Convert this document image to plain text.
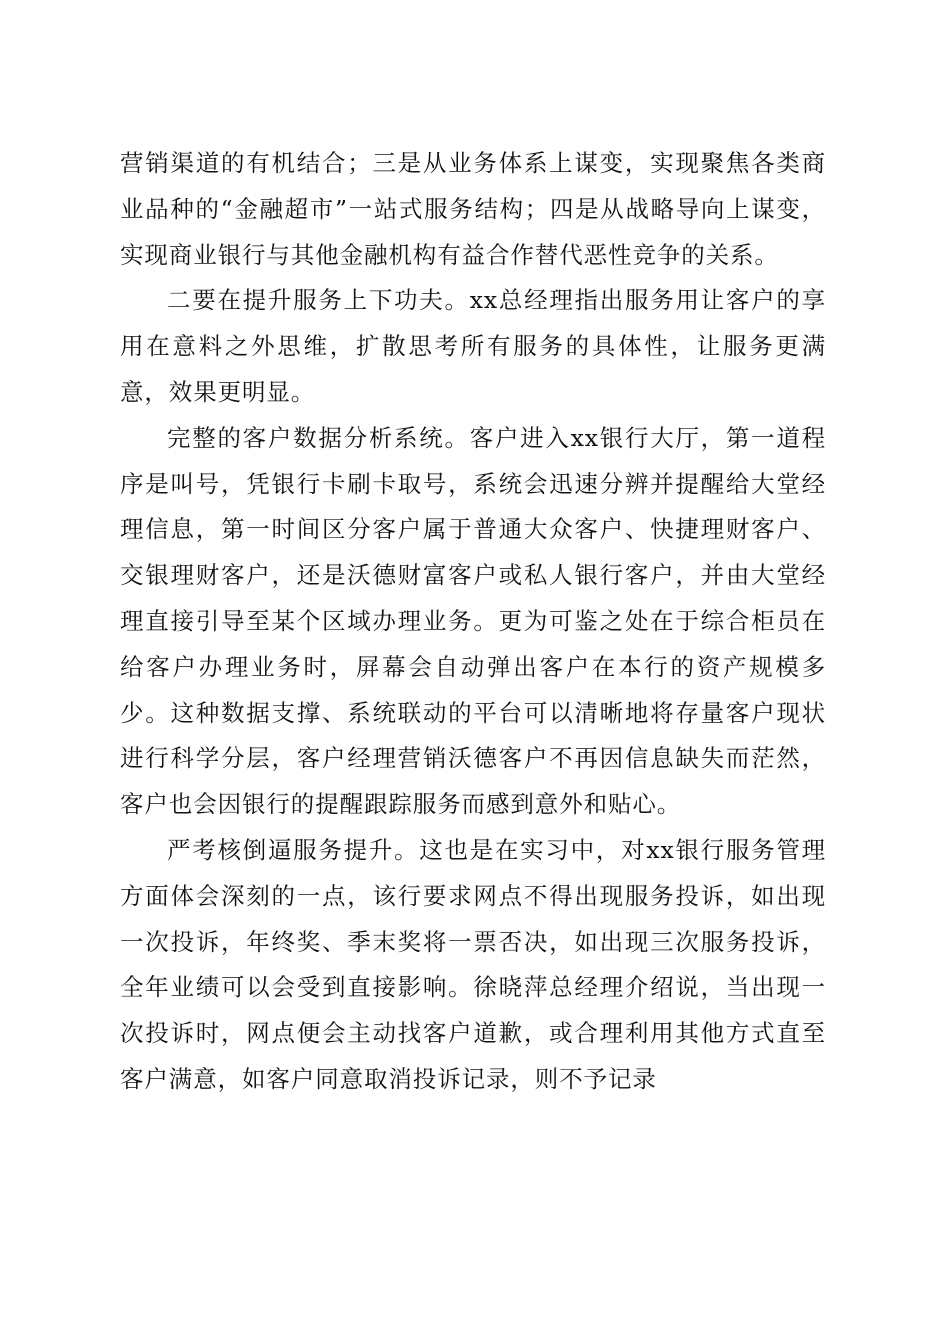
营销渠道的有机结合；三是从业务体系上谋变，实现聚焦各类商业品种的“金融超市”一站式服务结构；四是从战略导向上谋变，实现商业银行与其他金融机构有益合作替代恶性竞争的关系。

二要在提升服务上下功夫。xx总经理指出服务用让客户的享用在意料之外思维，扩散思考所有服务的具体性，让服务更满意，效果更明显。

完整的客户数据分析系统。客户进入xx银行大厅，第一道程序是叫号，凭银行卡刷卡取号，系统会迅速分辨并提醒给大堂经理信息，第一时间区分客户属于普通大众客户、快捷理财客户、交银理财客户，还是沃德财富客户或私人银行客户，并由大堂经理直接引导至某个区域办理业务。更为可鉴之处在于综合柜员在给客户办理业务时，屏幕会自动弹出客户在本行的资产规模多少。这种数据支撑、系统联动的平台可以清晰地将存量客户现状进行科学分层，客户经理营销沃德客户不再因信息缺失而茫然，客户也会因银行的提醒跟踪服务而感到意外和贴心。

严考核倒逼服务提升。这也是在实习中，对xx银行服务管理方面体会深刻的一点，该行要求网点不得出现服务投诉，如出现一次投诉，年终奖、季末奖将一票否决，如出现三次服务投诉，全年业绩可以会受到直接影响。徐晓萍总经理介绍说，当出现一次投诉时，网点便会主动找客户道歉，或合理利用其他方式直至客户满意，如客户同意取消投诉记录，则不予记录
